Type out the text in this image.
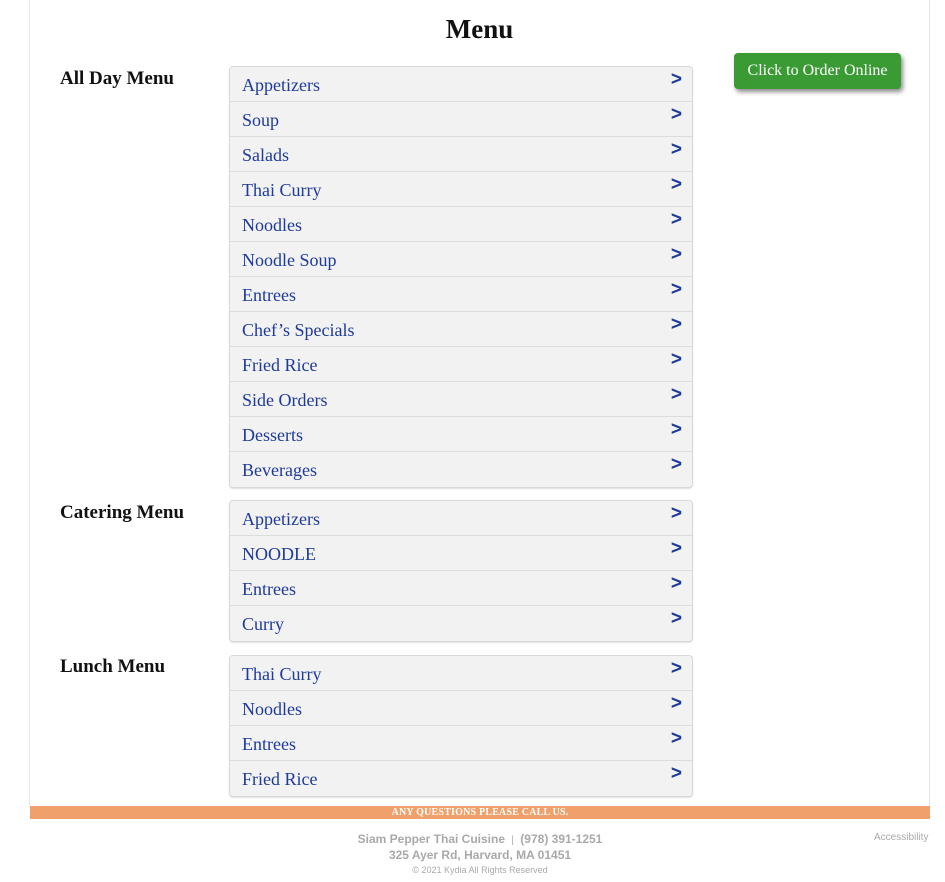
Menu
All Day Menu	Appetizers	>
Soup	>
Salads	>
Thai Curry	>
Noodles	>
Noodle Soup	>
Entrees	>
Chef’s Specials	>
Fried Rice	>
Side Orders	>
Desserts	>
Beverages	>
Catering Menu	Appetizers	>
NOODLE	>
Entrees	>
Curry	>
Lunch Menu	Thai Curry	>
Noodles	>
Entrees	>
Fried Rice	>
Click to Order Online
ANY QUESTIONS PLEASE CALL US.
Siam Pepper Thai Cuisine | (978) 391-1251
325 Ayer Rd, Harvard, MA 01451
© 2021 Kydia All Rights Reserved
Accessibility
